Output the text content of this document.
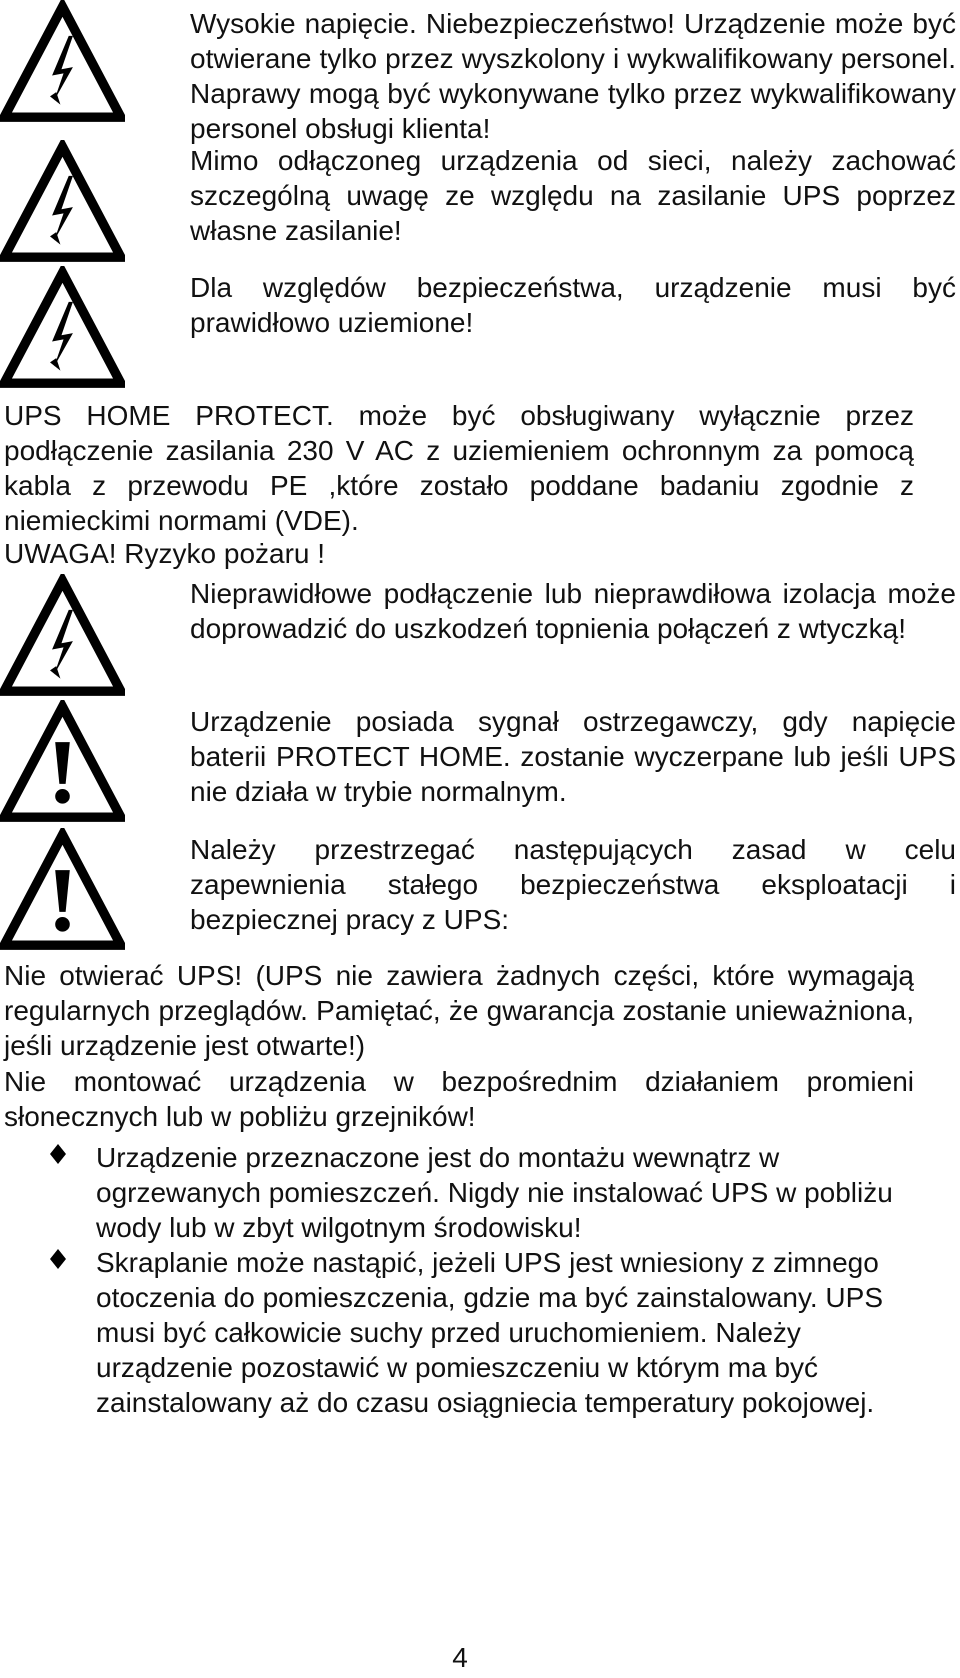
Wysokie napięcie. Niebezpieczeństwo! Urządzenie może być otwierane tylko przez wyszkolony i wykwalifikowany personel. Naprawy mogą być wykonywane tylko przez wykwalifikowany personel obsługi klienta!

Mimo odłączoneg urządzenia od sieci, należy zachować szczególną uwagę ze względu na zasilanie UPS poprzez własne zasilanie!

Dla względów bezpieczeństwa, urządzenie musi być prawidłowo uziemione!

UPS HOME PROTECT. może być obsługiwany wyłącznie przez podłączenie zasilania 230 V AC z uziemieniem ochronnym za pomocą kabla z przewodu PE ,które zostało poddane badaniu zgodnie z niemieckimi normami (VDE).

UWAGA! Ryzyko pożaru !

Nieprawidłowe podłączenie lub nieprawdiłowa izolacja może doprowadzić do uszkodzeń topnienia połączeń z wtyczką!

Urządzenie posiada sygnał ostrzegawczy, gdy napięcie baterii PROTECT HOME. zostanie wyczerpane lub jeśli UPS nie działa w trybie normalnym.

Należy przestrzegać następujących zasad w celu zapewnienia stałego bezpieczeństwa eksploatacji i bezpiecznej pracy z UPS:

Nie otwierać UPS! (UPS nie zawiera żadnych części, które wymagają regularnych przeglądów. Pamiętać, że gwarancja zostanie unieważniona, jeśli urządzenie jest otwarte!)

Nie montować urządzenia w bezpośrednim działaniem promieni słonecznych lub w pobliżu grzejników!

Urządzenie przeznaczone jest do montażu wewnątrz w ogrzewanych pomieszczeń. Nigdy nie instalować UPS w pobliżu wody lub w zbyt wilgotnym środowisku!

Skraplanie może nastąpić, jeżeli UPS jest wniesiony z zimnego otoczenia do pomieszczenia, gdzie ma być zainstalowany. UPS musi być całkowicie suchy przed uruchomieniem. Należy urządzenie pozostawić w pomieszczeniu w którym ma być zainstalowany aż do czasu osiągniecia temperatury pokojowej.

4
